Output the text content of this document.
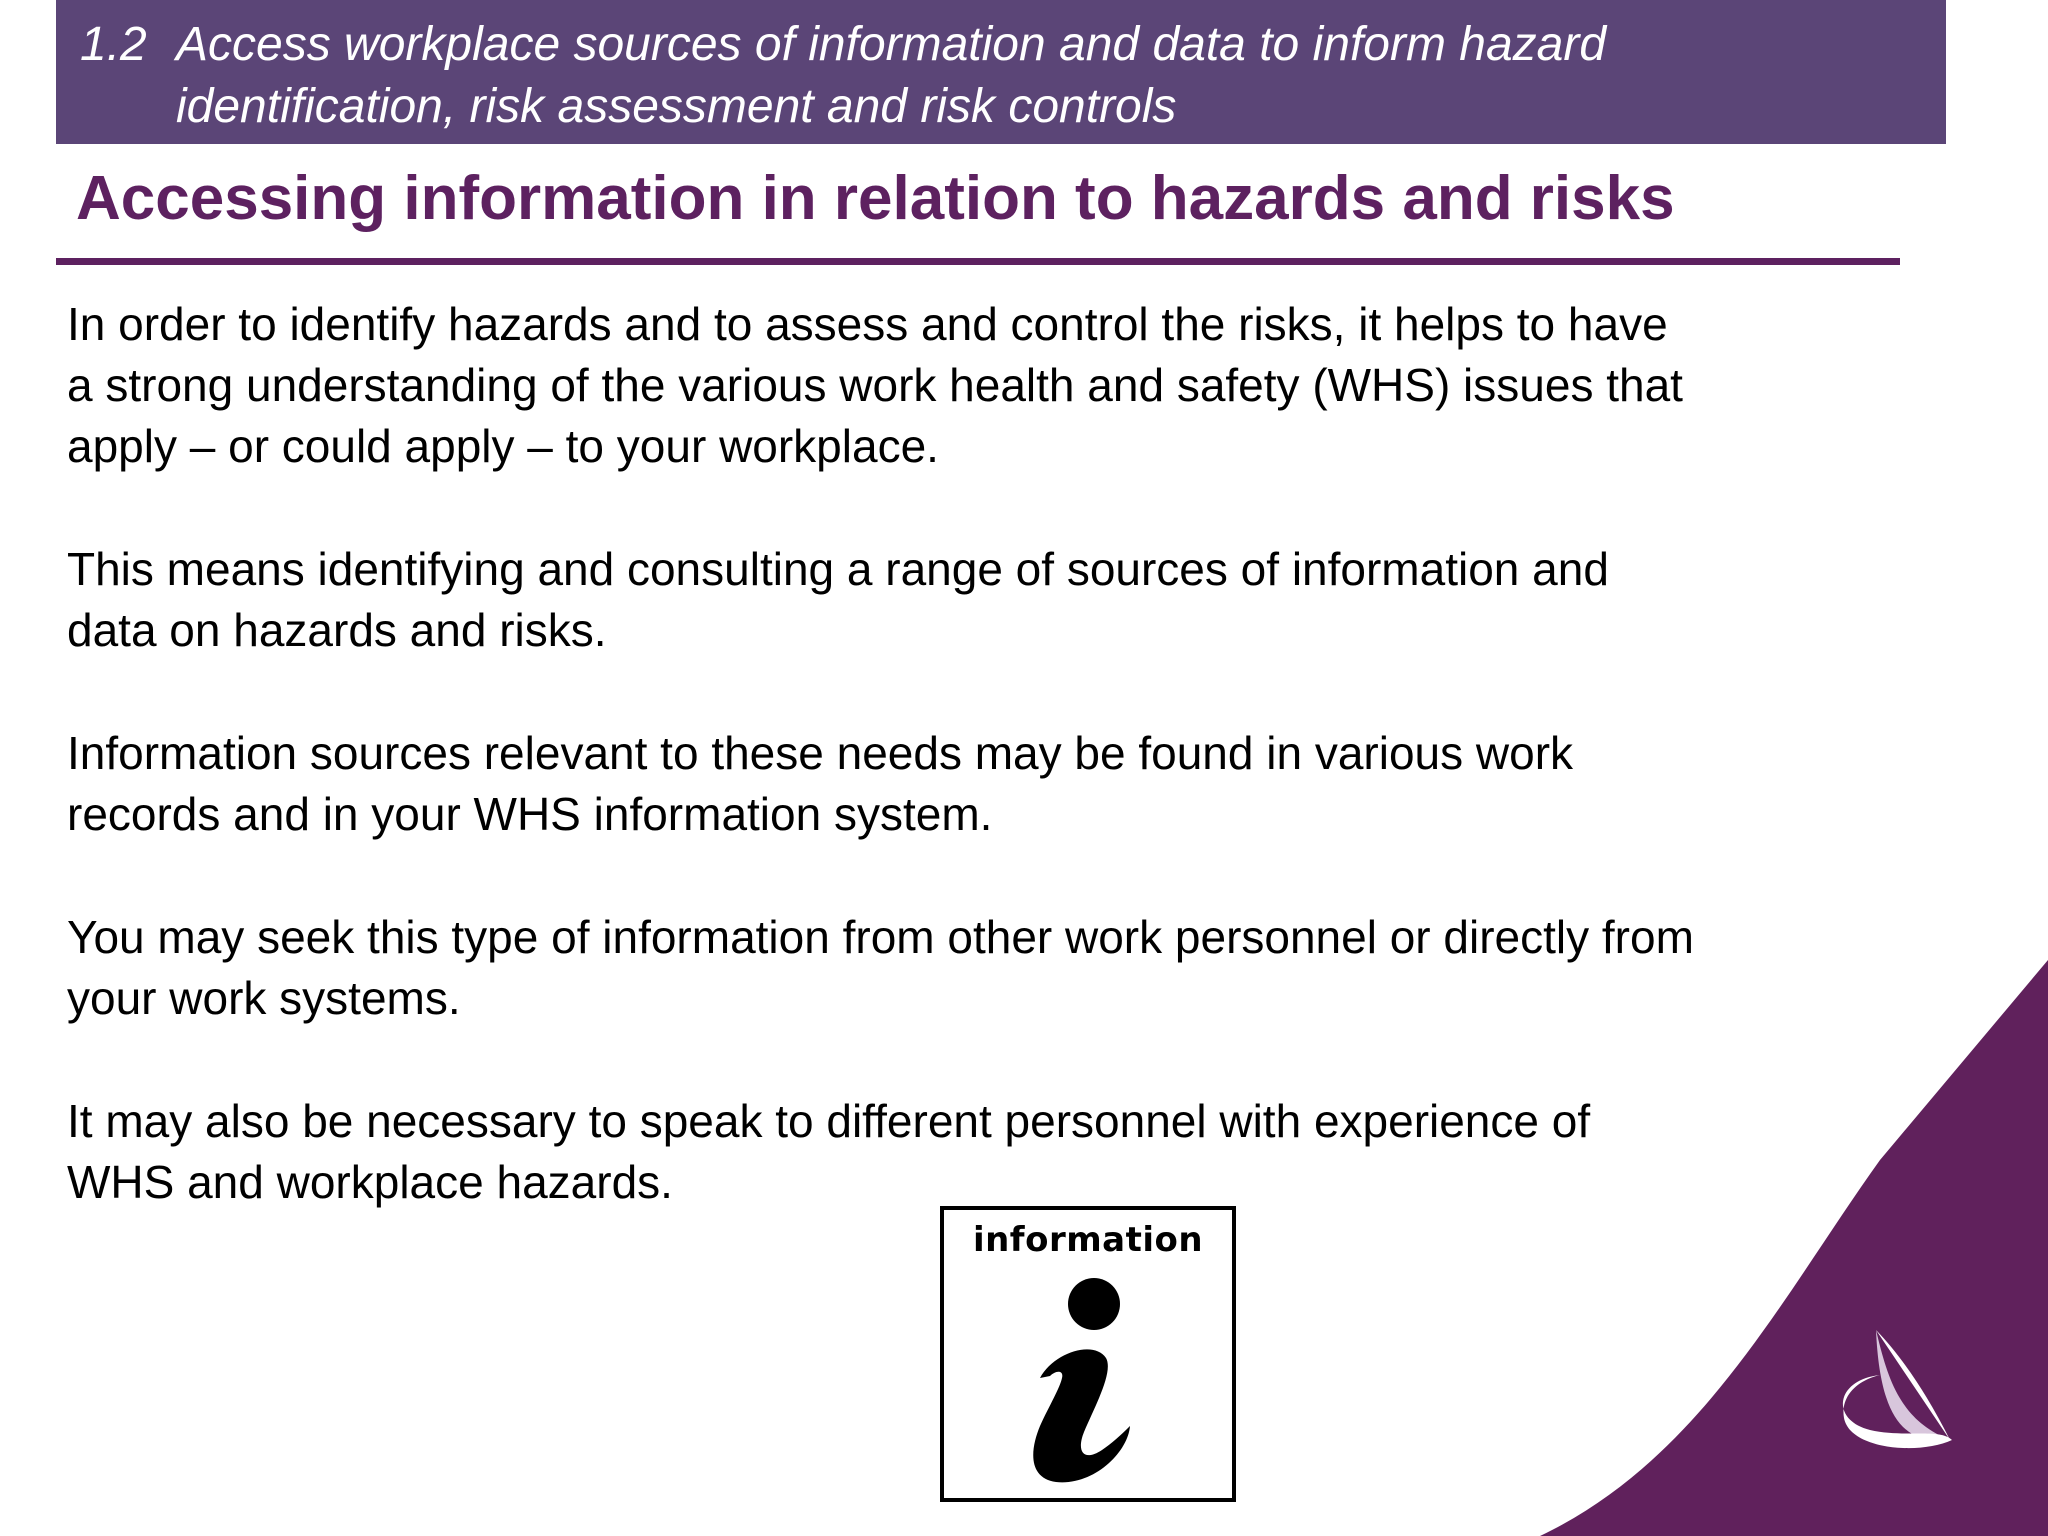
1.2 Access workplace sources of information and data to inform hazard
identification, risk assessment and risk controls
Accessing information in relation to hazards and risks

In order to identify hazards and to assess and control the risks, it helps to have
a strong understanding of the various work health and safety (WHS) issues that
apply – or could apply – to your workplace.

This means identifying and consulting a range of sources of information and
data on hazards and risks.

Information sources relevant to these needs may be found in various work
records and in your WHS information system.

You may seek this type of information from other work personnel or directly from
your work systems.

It may also be necessary to speak to different personnel with experience of
WHS and workplace hazards.

information
